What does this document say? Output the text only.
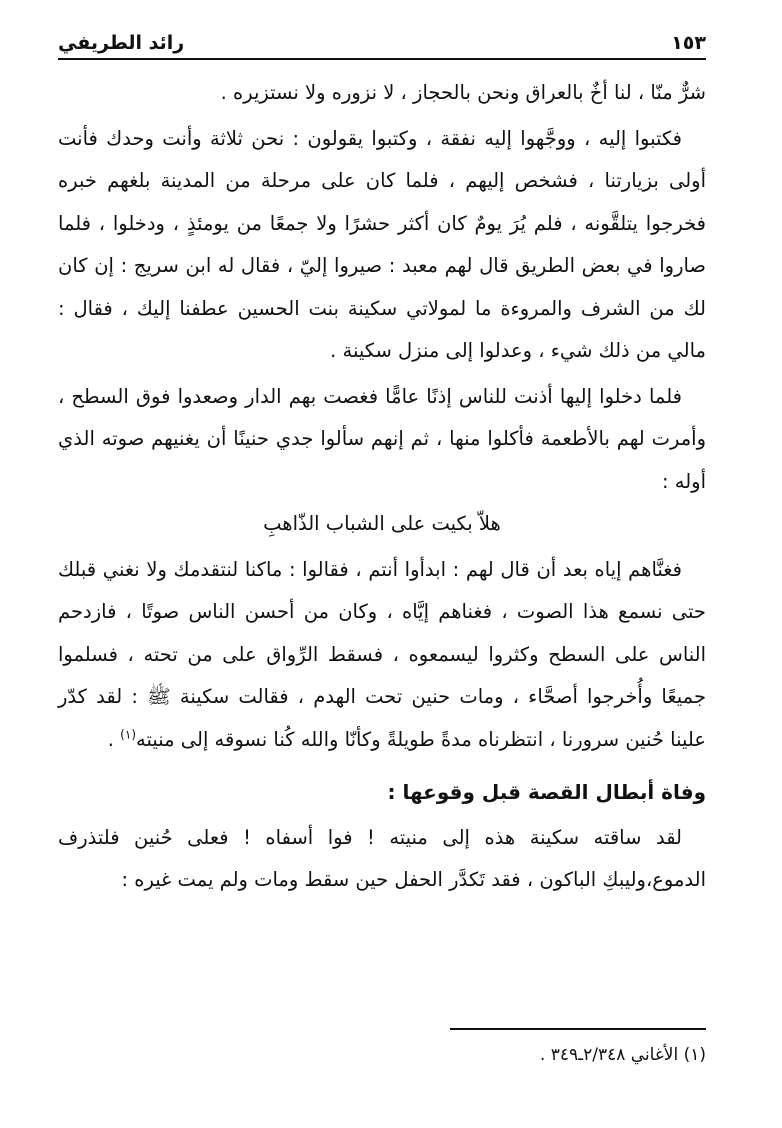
١٥٣
رائد الطريفي

شرٌّ منّا ، لنا أخٌ بالعراق ونحن بالحجاز ، لا نزوره ولا نستزيره .

فكتبوا إليه ، ووجَّهوا إليه نفقة ، وكتبوا يقولون : نحن ثلاثة وأنت وحدك فأنت أولى بزيارتنا ، فشخص إليهم ، فلما كان على مرحلة من المدينة بلغهم خبره فخرجوا يتلقَّونه ، فلم يُرَ يومٌ كان أكثر حشرًا ولا جمعًا من يومئذٍ ، ودخلوا ، فلما صاروا في بعض الطريق قال لهم معبد : صيروا إليّ ، فقال له ابن سريج : إن كان لك من الشرف والمروءة ما لمولاتي سكينة بنت الحسين عطفنا إليك ، فقال : مالي من ذلك شيء ، وعدلوا إلى منزل سكينة .

فلما دخلوا إليها أذنت للناس إذنًا عامًّا فغصت بهم الدار وصعدوا فوق السطح ، وأمرت لهم بالأطعمة فأكلوا منها ، ثم إنهم سألوا جدي حنينًا أن يغنيهم صوته الذي أوله :

هلاّ بكيت على الشباب الذّاهبِ

فغنَّاهم إياه بعد أن قال لهم : ابدأوا أنتم ، فقالوا : ماكنا لنتقدمك ولا نغني قبلك حتى نسمع هذا الصوت ، فغناهم إيَّاه ، وكان من أحسن الناس صوتًا ، فازدحم الناس على السطح وكثروا ليسمعوه ، فسقط الرِّواق على من تحته ، فسلموا جميعًا وأُخرجوا أصحَّاء ، ومات حنين تحت الهدم ، فقالت سكينة ﷺ : لقد كدّر علينا حُنين سرورنا ، انتظرناه مدةً طويلةً وكأنّا والله كُنا نسوقه إلى منيته$^{(١)}$ .

وفاة أبطال القصة قبل وقوعها :

لقد ساقته سكينة هذه إلى منيته ! فوا أسفاه ! فعلى حُنين فلتذرف الدموع،وليبكِ الباكون ، فقد تَكدَّر الحفل حين سقط ومات ولم يمت غيره :

(١) الأغاني ٢/٣٤٨ـ٣٤٩ .
